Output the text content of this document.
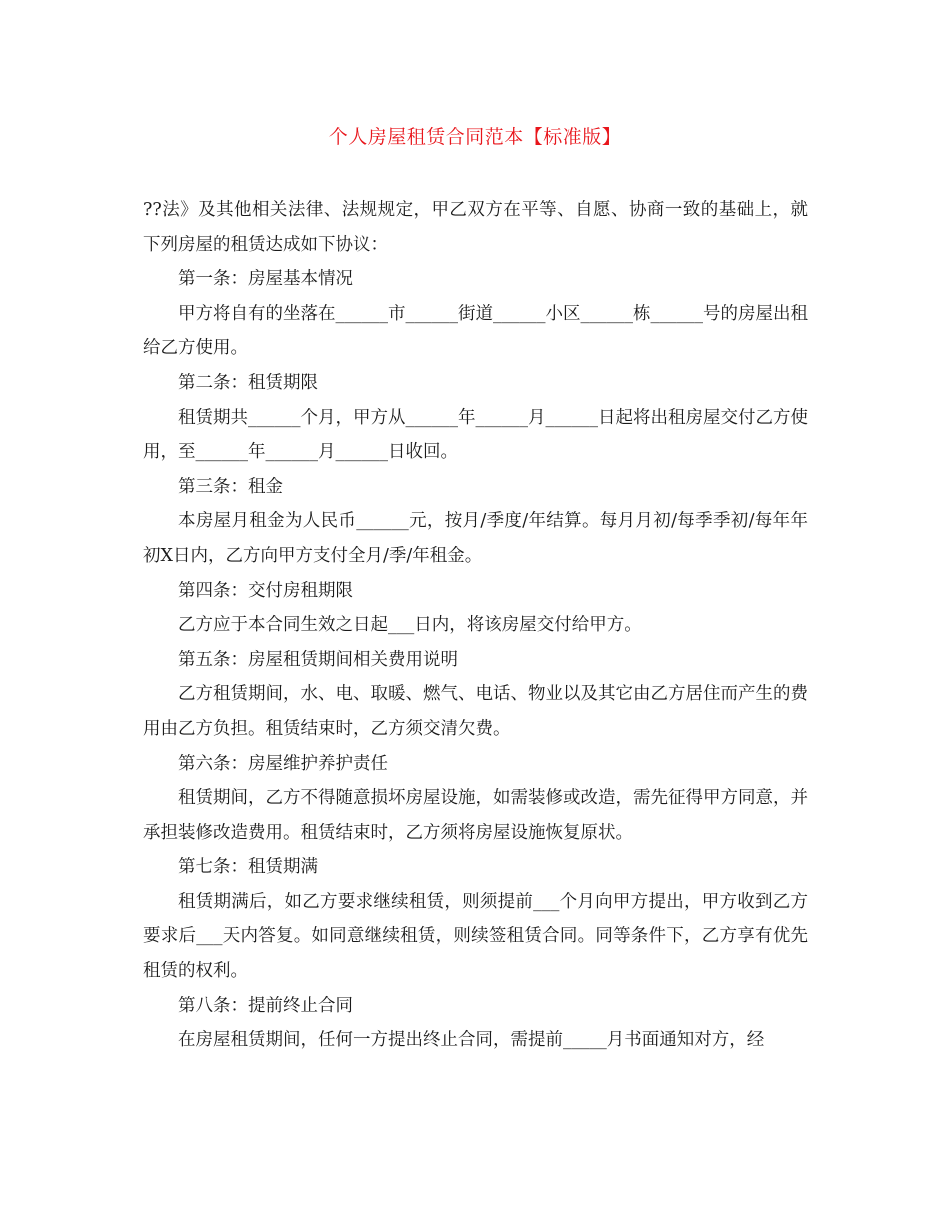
个人房屋租赁合同范本【标准版】

??法》及其他相关法律、法规规定，甲乙双方在平等、自愿、协商一致的基础上，就下列房屋的租赁达成如下协议：

第一条：房屋基本情况

甲方将自有的坐落在______市______街道______小区______栋______号的房屋出租给乙方使用。

第二条：租赁期限

租赁期共______个月，甲方从______年______月______日起将出租房屋交付乙方使用，至______年______月______日收回。

第三条：租金

本房屋月租金为人民币______元，按月/季度/年结算。每月月初/每季季初/每年年初X日内，乙方向甲方支付全月/季/年租金。

第四条：交付房租期限

乙方应于本合同生效之日起___日内，将该房屋交付给甲方。

第五条：房屋租赁期间相关费用说明

乙方租赁期间，水、电、取暖、燃气、电话、物业以及其它由乙方居住而产生的费用由乙方负担。租赁结束时，乙方须交清欠费。

第六条：房屋维护养护责任

租赁期间，乙方不得随意损坏房屋设施，如需装修或改造，需先征得甲方同意，并承担装修改造费用。租赁结束时，乙方须将房屋设施恢复原状。

第七条：租赁期满

租赁期满后，如乙方要求继续租赁，则须提前___个月向甲方提出，甲方收到乙方要求后___天内答复。如同意继续租赁，则续签租赁合同。同等条件下，乙方享有优先租赁的权利。

第八条：提前终止合同

在房屋租赁期间，任何一方提出终止合同，需提前_____月书面通知对方，经
